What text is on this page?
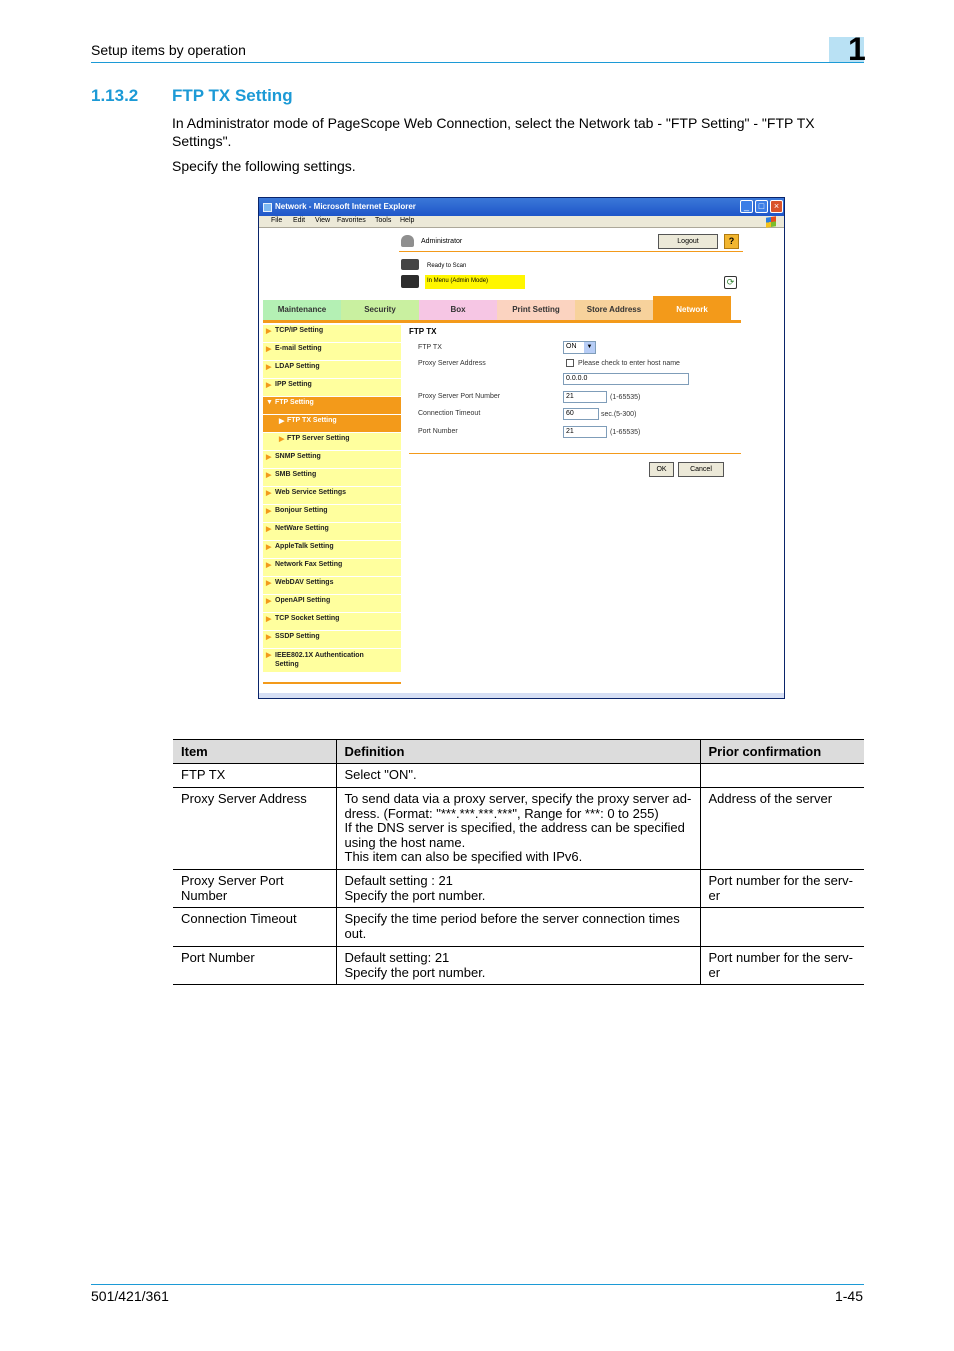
Setup items by operation	1
1.13.2 FTP TX Setting
In Administrator mode of PageScope Web Connection, select the Network tab - "FTP Setting" - "FTP TX Settings".
Specify the following settings.
Network - Microsoft Internet Explorer	_	□	×
File Edit View Favorites Tools Help
Administrator	Logout	?
Ready to Scan
In Menu (Admin Mode)	⟳
Maintenance	Security	Box	Print Setting	Store Address	Network
▶ TCP/IP Setting
▶ E-mail Setting
▶ LDAP Setting
▶ IPP Setting
▼ FTP Setting
▶ FTP TX Setting
▶ FTP Server Setting
▶ SNMP Setting
▶ SMB Setting
▶ Web Service Settings
▶ Bonjour Setting
▶ NetWare Setting
▶ AppleTalk Setting
▶ Network Fax Setting
▶ WebDAV Settings
▶ OpenAPI Setting
▶ TCP Socket Setting
▶ SSDP Setting
▶ IEEE802.1X Authentication Setting
FTP TX
FTP TX	ON	▼
Proxy Server Address	Please check to enter host name
0.0.0.0
Proxy Server Port Number	21	(1-65535)
Connection Timeout	60	sec.(5-300)
Port Number	21	(1-65535)
OK	Cancel
Item	Definition	Prior confirmation

FTP TX	Select "ON".	

Proxy Server Address	To send data via a proxy server, specify the proxy server ad-
dress. (Format: "***.***.***.***", Range for ***: 0 to 255)
If the DNS server is specified, the address can be specified
using the host name.
This item can also be specified with IPv6.	Address of the server

Proxy Server Port
Number	Default setting : 21
Specify the port number.	Port number for the serv-
er

Connection Timeout	Specify the time period before the server connection times
out.	

Port Number	Default setting: 21
Specify the port number.	Port number for the serv-
er
501/421/361	1-45
